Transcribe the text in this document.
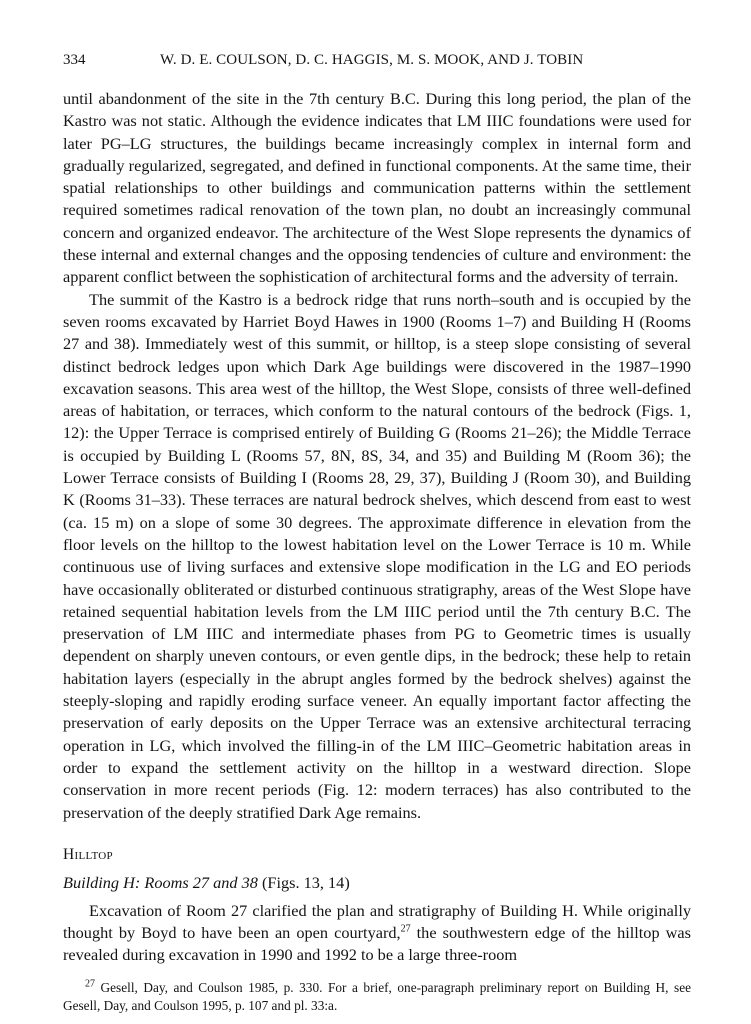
334	W. D. E. COULSON, D. C. HAGGIS, M. S. MOOK, AND J. TOBIN

until abandonment of the site in the 7th century B.C. During this long period, the plan of the Kastro was not static. Although the evidence indicates that LM IIIC foundations were used for later PG–LG structures, the buildings became increasingly complex in internal form and gradually regularized, segregated, and defined in functional components. At the same time, their spatial relationships to other buildings and communication patterns within the settlement required sometimes radical renovation of the town plan, no doubt an increasingly communal concern and organized endeavor. The architecture of the West Slope represents the dynamics of these internal and external changes and the opposing tendencies of culture and environment: the apparent conflict between the sophistication of architectural forms and the adversity of terrain.

The summit of the Kastro is a bedrock ridge that runs north–south and is occupied by the seven rooms excavated by Harriet Boyd Hawes in 1900 (Rooms 1–7) and Building H (Rooms 27 and 38). Immediately west of this summit, or hilltop, is a steep slope consisting of several distinct bedrock ledges upon which Dark Age buildings were discovered in the 1987–1990 excavation seasons. This area west of the hilltop, the West Slope, consists of three well-defined areas of habitation, or terraces, which conform to the natural contours of the bedrock (Figs. 1, 12): the Upper Terrace is comprised entirely of Building G (Rooms 21–26); the Middle Terrace is occupied by Building L (Rooms 57, 8N, 8S, 34, and 35) and Building M (Room 36); the Lower Terrace consists of Building I (Rooms 28, 29, 37), Building J (Room 30), and Building K (Rooms 31–33). These terraces are natural bedrock shelves, which descend from east to west (ca. 15 m) on a slope of some 30 degrees. The approximate difference in elevation from the floor levels on the hilltop to the lowest habitation level on the Lower Terrace is 10 m. While continuous use of living surfaces and extensive slope modification in the LG and EO periods have occasionally obliterated or disturbed continuous stratigraphy, areas of the West Slope have retained sequential habitation levels from the LM IIIC period until the 7th century B.C. The preservation of LM IIIC and intermediate phases from PG to Geometric times is usually dependent on sharply uneven contours, or even gentle dips, in the bedrock; these help to retain habitation layers (especially in the abrupt angles formed by the bedrock shelves) against the steeply-sloping and rapidly eroding surface veneer. An equally important factor affecting the preservation of early deposits on the Upper Terrace was an extensive architectural terracing operation in LG, which involved the filling-in of the LM IIIC–Geometric habitation areas in order to expand the settlement activity on the hilltop in a westward direction. Slope conservation in more recent periods (Fig. 12: modern terraces) has also contributed to the preservation of the deeply stratified Dark Age remains.

Hilltop
Building H: Rooms 27 and 38 (Figs. 13, 14)

Excavation of Room 27 clarified the plan and stratigraphy of Building H. While originally thought by Boyd to have been an open courtyard,$^{27}$ the southwestern edge of the hilltop was revealed during excavation in 1990 and 1992 to be a large three-room

$^{27}$ Gesell, Day, and Coulson 1985, p. 330. For a brief, one-paragraph preliminary report on Building H, see Gesell, Day, and Coulson 1995, p. 107 and pl. 33:a.
